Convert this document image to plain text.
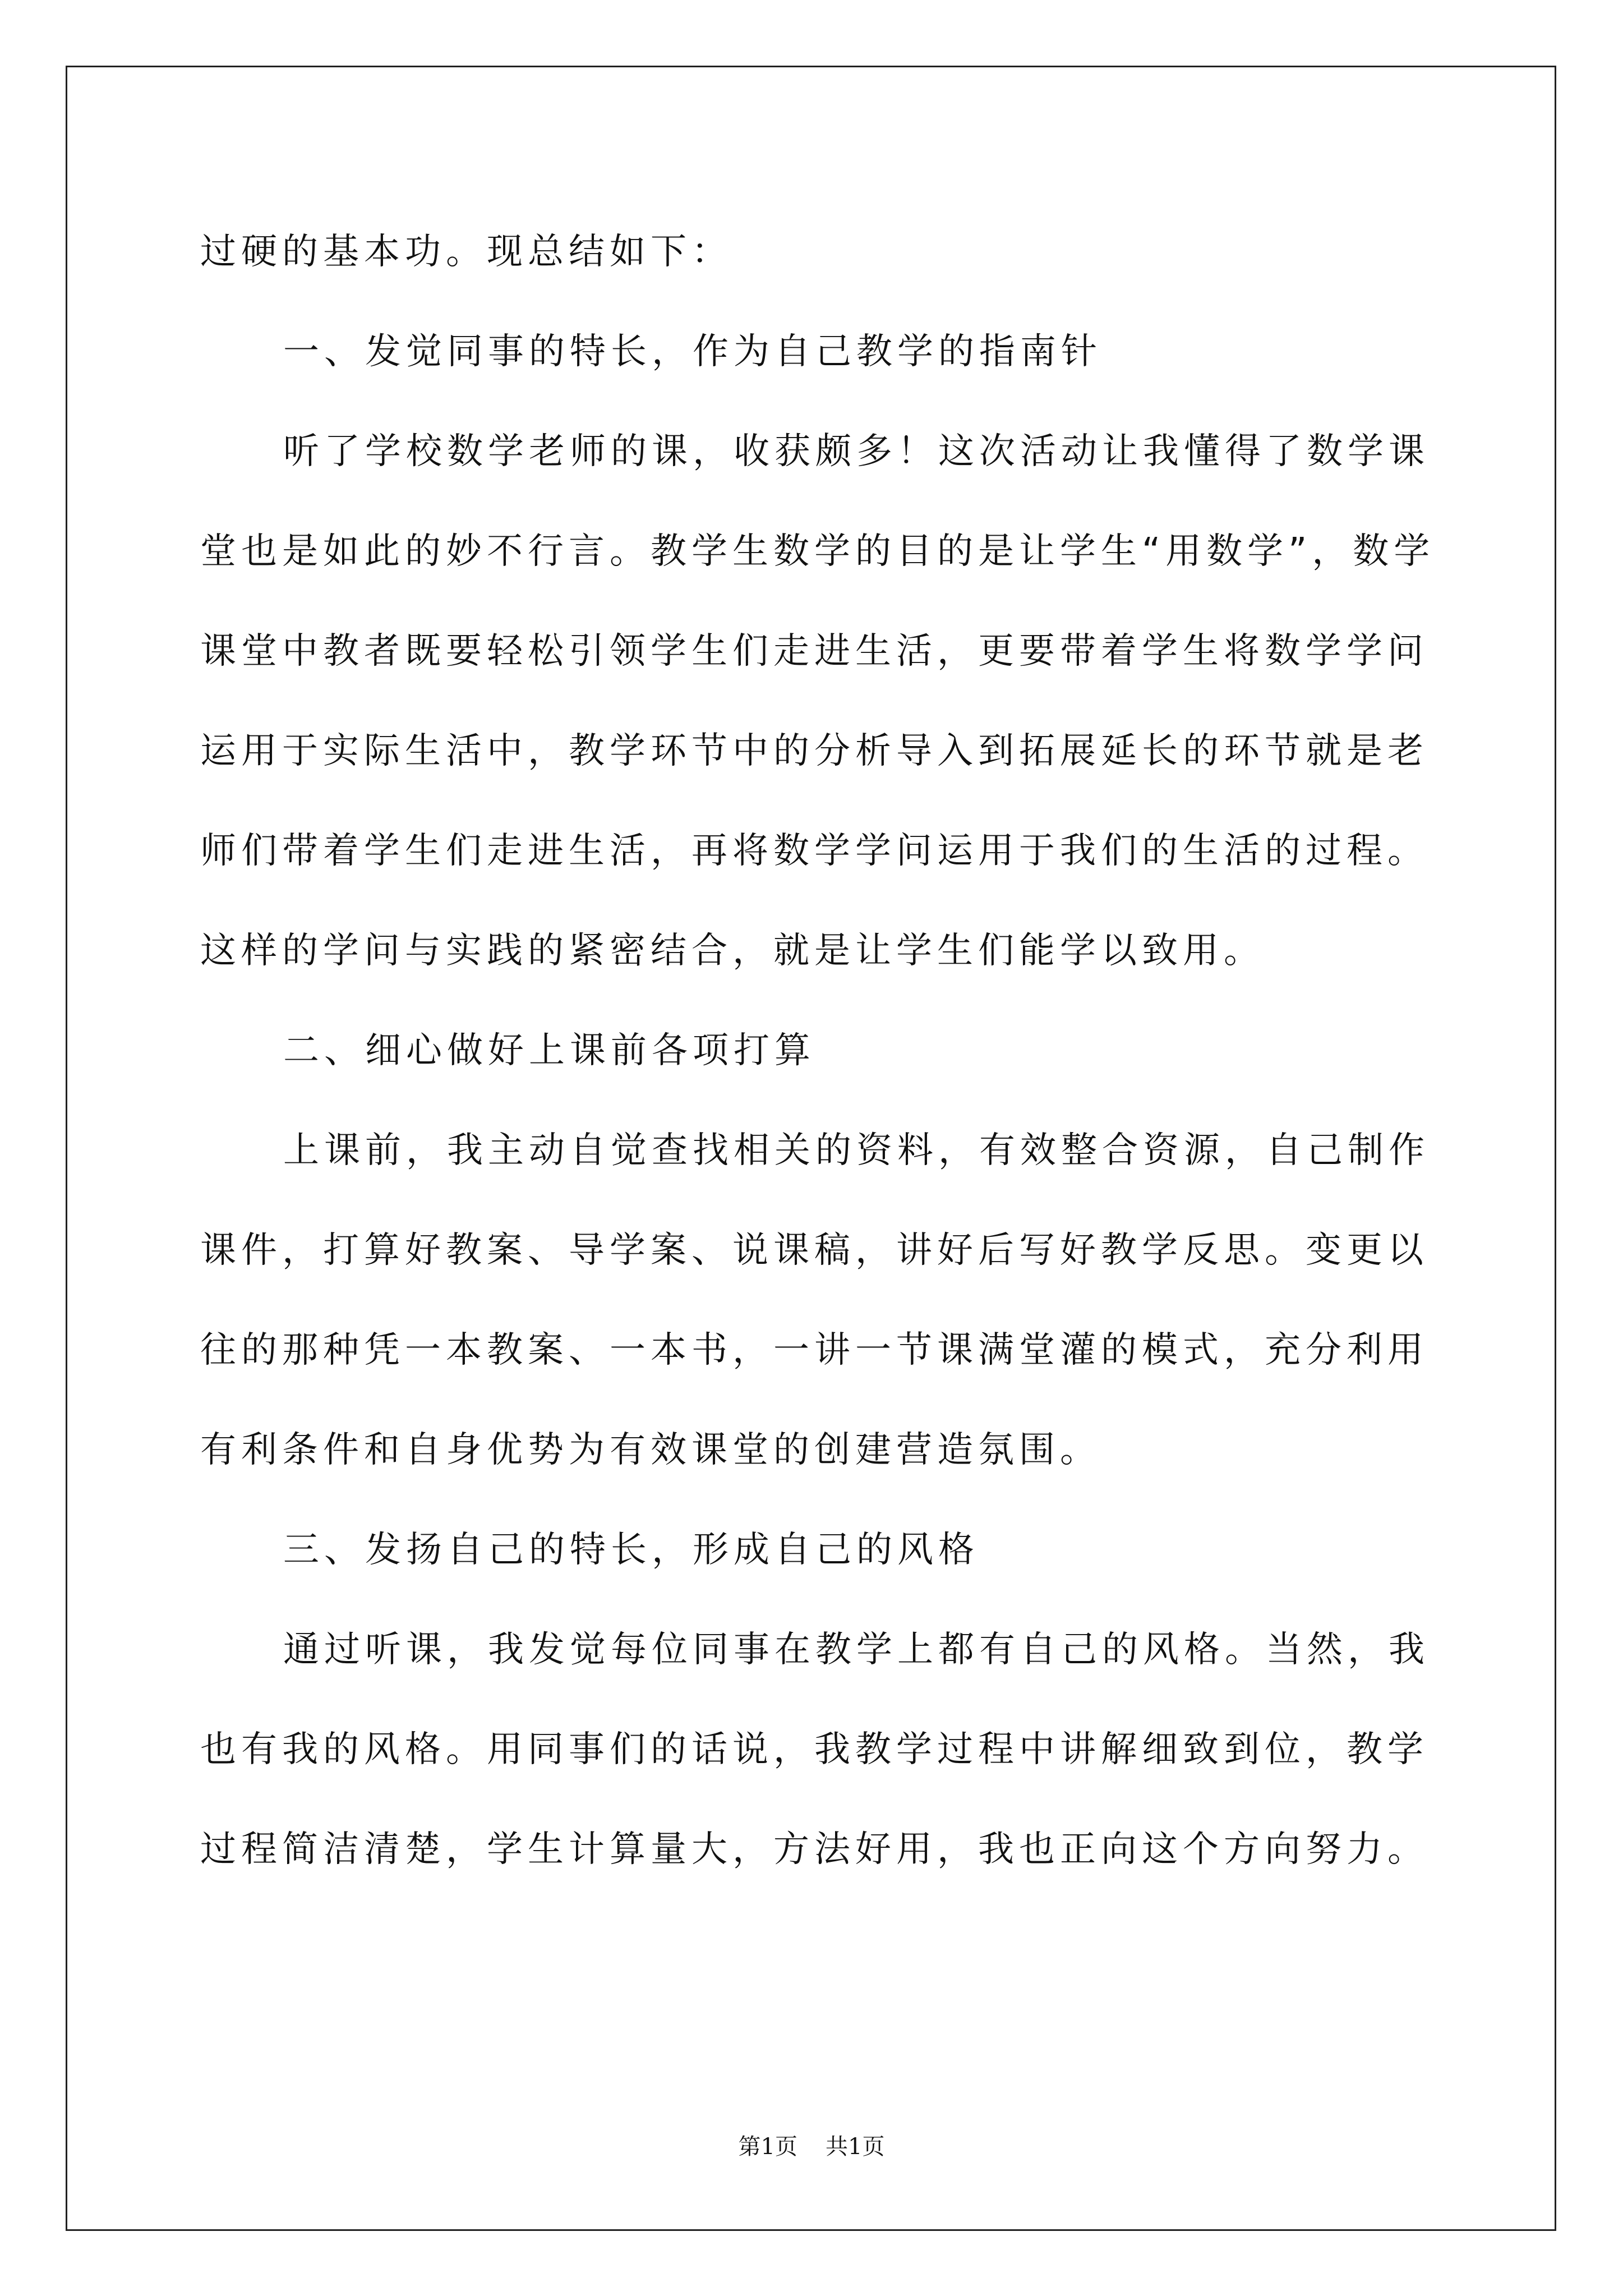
过硬的基本功。现总结如下：
一、发觉同事的特长，作为自己教学的指南针
听了学校数学老师的课，收获颇多！这次活动让我懂得了数学课
堂也是如此的妙不行言。教学生数学的目的是让学生“用数学”，数学
课堂中教者既要轻松引领学生们走进生活，更要带着学生将数学学问
运用于实际生活中，教学环节中的分析导入到拓展延长的环节就是老
师们带着学生们走进生活，再将数学学问运用于我们的生活的过程。
这样的学问与实践的紧密结合，就是让学生们能学以致用。
二、细心做好上课前各项打算
上课前，我主动自觉查找相关的资料，有效整合资源，自己制作
课件，打算好教案、导学案、说课稿，讲好后写好教学反思。变更以
往的那种凭一本教案、一本书，一讲一节课满堂灌的模式，充分利用
有利条件和自身优势为有效课堂的创建营造氛围。
三、发扬自己的特长，形成自己的风格
通过听课，我发觉每位同事在教学上都有自己的风格。当然，我
也有我的风格。用同事们的话说，我教学过程中讲解细致到位，教学
过程简洁清楚，学生计算量大，方法好用，我也正向这个方向努力。
第1页 共1页
